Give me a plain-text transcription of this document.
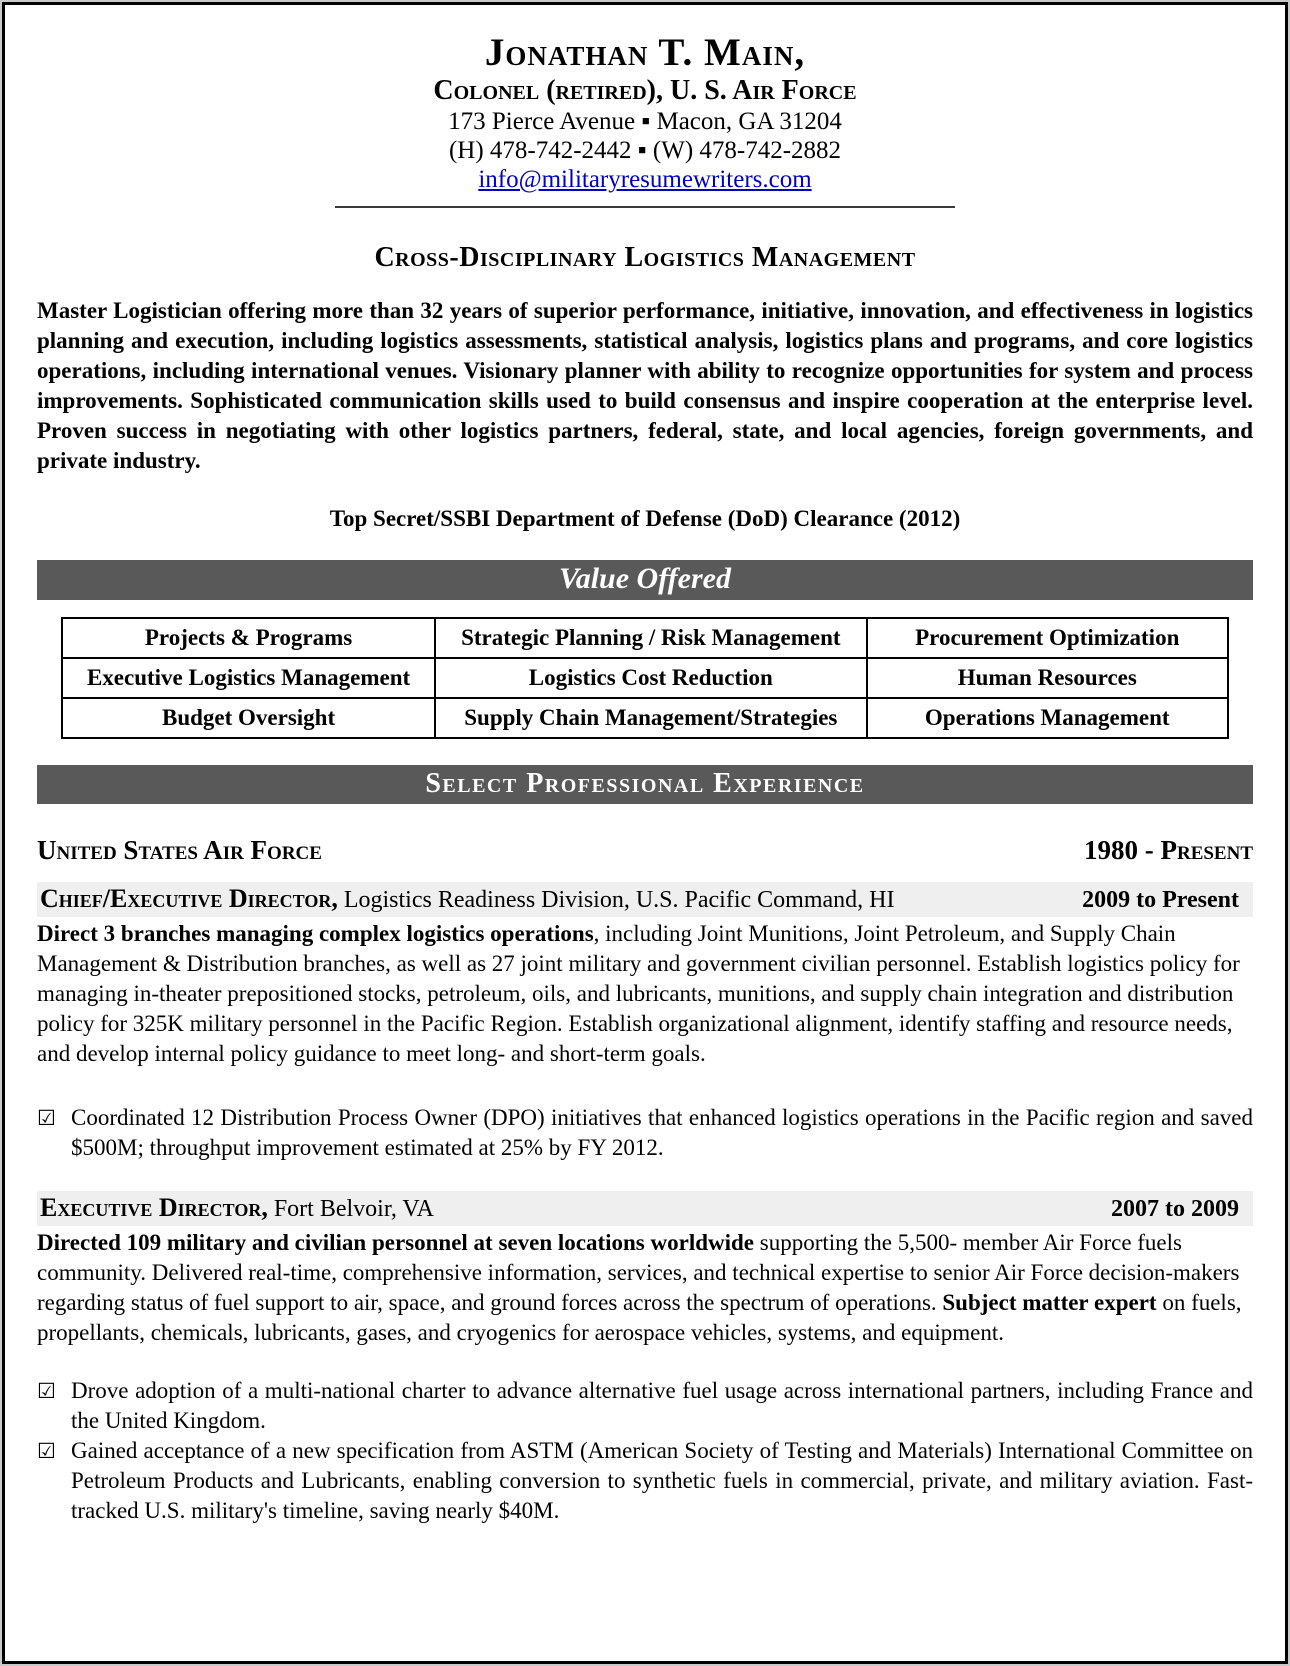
Jonathan T. Main,
Colonel (retired), U. S. Air Force
173 Pierce Avenue ▪ Macon, GA 31204
(H) 478-742-2442 ▪ (W) 478-742-2882
info@militaryresumewriters.com
Cross-Disciplinary Logistics Management

Master Logistician offering more than 32 years of superior performance, initiative, innovation, and effectiveness in logistics planning and execution, including logistics assessments, statistical analysis, logistics plans and programs, and core logistics operations, including international venues. Visionary planner with ability to recognize opportunities for system and process improvements. Sophisticated communication skills used to build consensus and inspire cooperation at the enterprise level. Proven success in negotiating with other logistics partners, federal, state, and local agencies, foreign governments, and private industry.

Top Secret/SSBI Department of Defense (DoD) Clearance (2012)

Value Offered
Projects & Programs	Strategic Planning / Risk Management	Procurement Optimization
Executive Logistics Management	Logistics Cost Reduction	Human Resources
Budget Oversight	Supply Chain Management/Strategies	Operations Management
Select Professional Experience
United States Air Force	1980 - Present
Chief/Executive Director, Logistics Readiness Division, U.S. Pacific Command, HI	2009 to Present

Direct 3 branches managing complex logistics operations, including Joint Munitions, Joint Petroleum, and Supply Chain Management & Distribution branches, as well as 27 joint military and government civilian personnel. Establish logistics policy for managing in-theater prepositioned stocks, petroleum, oils, and lubricants, munitions, and supply chain integration and distribution policy for 325K military personnel in the Pacific Region. Establish organizational alignment, identify staffing and resource needs, and develop internal policy guidance to meet long- and short-term goals.

☑ Coordinated 12 Distribution Process Owner (DPO) initiatives that enhanced logistics operations in the Pacific region and saved $500M; throughput improvement estimated at 25% by FY 2012.
Executive Director, Fort Belvoir, VA	2007 to 2009

Directed 109 military and civilian personnel at seven locations worldwide supporting the 5,500- member Air Force fuels community. Delivered real-time, comprehensive information, services, and technical expertise to senior Air Force decision-makers regarding status of fuel support to air, space, and ground forces across the spectrum of operations. Subject matter expert on fuels, propellants, chemicals, lubricants, gases, and cryogenics for aerospace vehicles, systems, and equipment.

☑ Drove adoption of a multi-national charter to advance alternative fuel usage across international partners, including France and the United Kingdom.
☑ Gained acceptance of a new specification from ASTM (American Society of Testing and Materials) International Committee on Petroleum Products and Lubricants, enabling conversion to synthetic fuels in commercial, private, and military aviation. Fast-tracked U.S. military's timeline, saving nearly $40M.
